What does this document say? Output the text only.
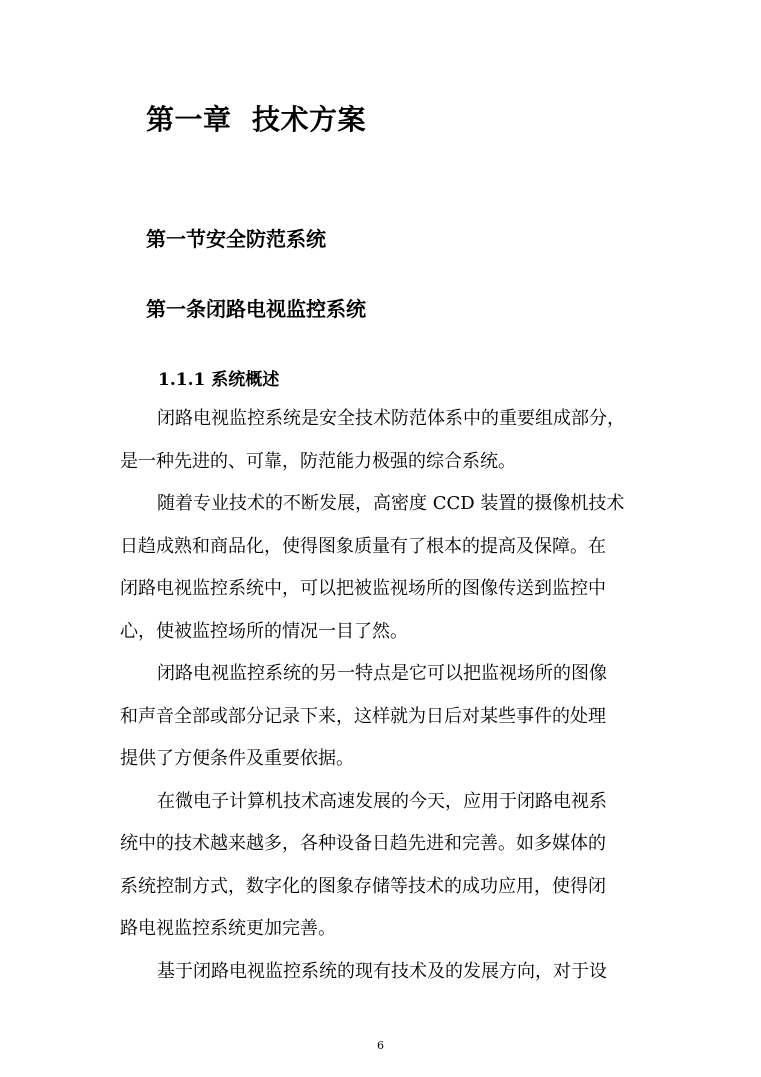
第一章  技术方案
第一节安全防范系统
第一条闭路电视监控系统
1.1.1 系统概述

闭路电视监控系统是安全技术防范体系中的重要组成部分，
是一种先进的、可靠，防范能力极强的综合系统。

随着专业技术的不断发展，高密度 CCD 装置的摄像机技术
日趋成熟和商品化，使得图象质量有了根本的提高及保障。在
闭路电视监控系统中，可以把被监视场所的图像传送到监控中
心，使被监控场所的情况一目了然。

闭路电视监控系统的另一特点是它可以把监视场所的图像
和声音全部或部分记录下来，这样就为日后对某些事件的处理
提供了方便条件及重要依据。

在微电子计算机技术高速发展的今天，应用于闭路电视系
统中的技术越来越多，各种设备日趋先进和完善。如多媒体的
系统控制方式，数字化的图象存储等技术的成功应用，使得闭
路电视监控系统更加完善。

基于闭路电视监控系统的现有技术及的发展方向，对于设

6
